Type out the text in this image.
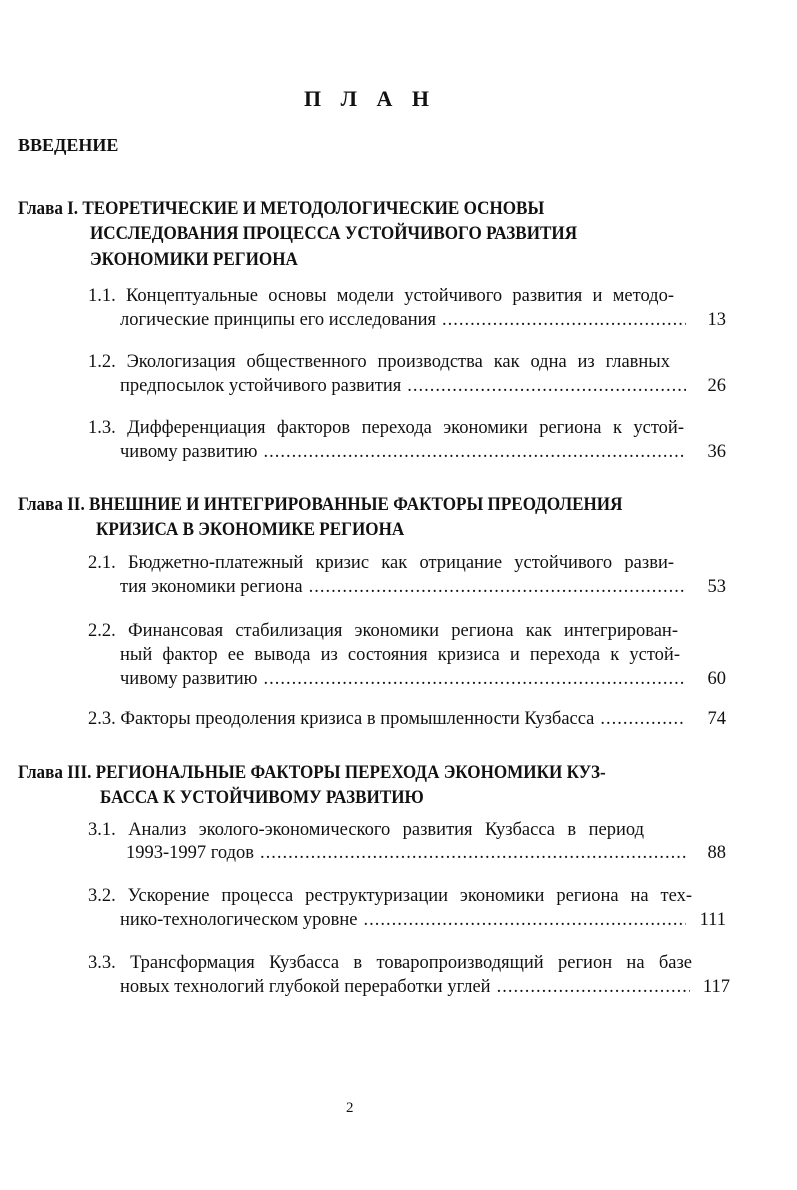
П Л А Н
ВВЕДЕНИЕ
Глава I. ТЕОРЕТИЧЕСКИЕ И МЕТОДОЛОГИЧЕСКИЕ ОСНОВЫ
ИССЛЕДОВАНИЯ ПРОЦЕССА УСТОЙЧИВОГО РАЗВИТИЯ
ЭКОНОМИКИ РЕГИОНА
1.1. Концептуальные основы модели устойчивого развития и методо-
логические принципы его исследования .....	13
1.2. Экологизация общественного производства как одна из главных
предпосылок устойчивого развития .....	26
1.3. Дифференциация факторов перехода экономики региона к устой-
чивому развитию .....	36
Глава II. ВНЕШНИЕ И ИНТЕГРИРОВАННЫЕ ФАКТОРЫ ПРЕОДОЛЕНИЯ
КРИЗИСА В ЭКОНОМИКЕ РЕГИОНА
2.1. Бюджетно-платежный кризис как отрицание устойчивого разви-
тия экономики региона .....	53
2.2. Финансовая стабилизация экономики региона как интегрирован-
ный фактор ее вывода из состояния кризиса и перехода к устой-
чивому развитию .....	60
2.3. Факторы преодоления кризиса в промышленности Кузбасса .....	74
Глава III. РЕГИОНАЛЬНЫЕ ФАКТОРЫ ПЕРЕХОДА ЭКОНОМИКИ КУЗ-
БАССА К УСТОЙЧИВОМУ РАЗВИТИЮ
3.1. Анализ эколого-экономического развития Кузбасса в период
1993-1997 годов .....	88
3.2. Ускорение процесса реструктуризации экономики региона на тех-
нико-технологическом уровне .....	111
3.3. Трансформация Кузбасса в товаропроизводящий регион на базе
новых технологий глубокой переработки углей .....	117
2
